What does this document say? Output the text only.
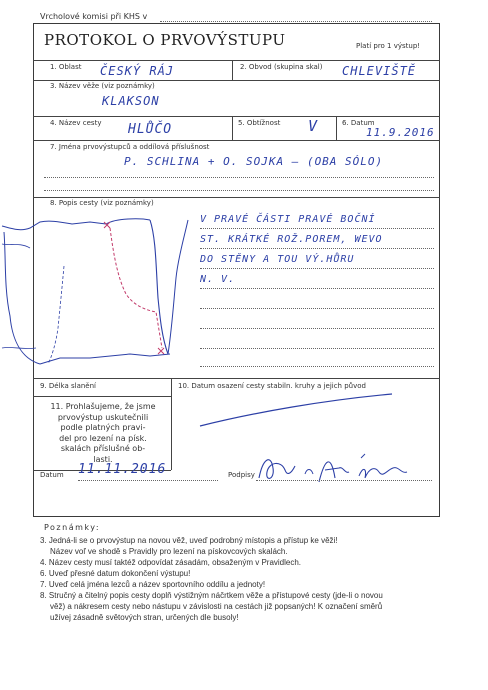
Vrcholové komisi při KHS v
PROTOKOL O PRVOVÝSTUPU	Platí pro 1 výstup!
1. Oblast ČESKÝ RÁJ	2. Obvod (skupina skal) CHLEVIŠTĚ
3. Název věže (viz poznámky)
KLAKSON
4. Název cesty HLŮČO	5. Obtížnost V	6. Datum
11.9.2016
7. Jména prvovýstupců a oddílová příslušnost
P. SCHLINA + O. SOJKA – (OBA SÓLO)
8. Popis cesty (viz poznámky)
V PRAVÉ ČÁSTI PRAVÉ BOČNÍ
ST. KRÁTKÉ ROŽ.POREM, WEVO
DO STĚNY A TOU VÝ.HŮRU
N. V.
9. Délka slanění	10. Datum osazení cesty stabiln. kruhy a jejich původ
11. Prohlašujeme, že jsme
prvovýstup uskutečnili
podle platných pravi-
del pro lezení na písk.
skalách příslušné ob-
lasti.
Datum 11.11.2016	Podpisy
Poznámky:
3. Jedná-li se o prvovýstup na novou věž, uveď podrobný místopis a přístup ke věži!
Název voľ ve shodě s Pravidly pro lezení na pískovcových skalách.
4. Název cesty musí taktéž odpovídat zásadám, obsaženým v Pravidlech.
6. Uveď přesné datum dokončení výstupu!
7. Uveď celá jména lezců a název sportovního oddílu a jednoty!
8. Stručný a čitelný popis cesty doplň výstižným náčrtkem věže a přístupové cesty (jde-li o novou
věž) a nákresem cesty nebo nástupu v závislosti na cestách již popsaných! K označení směrů
užívej zásadně světových stran, určených dle busoly!
